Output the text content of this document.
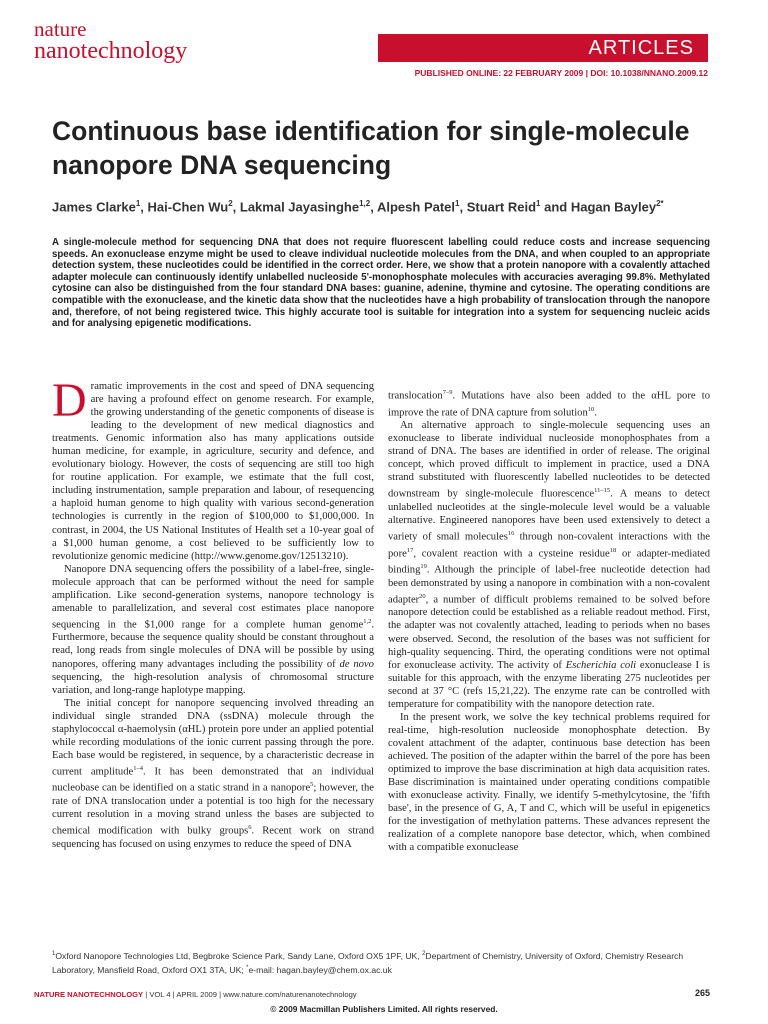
nature
nanotechnology	ARTICLES
PUBLISHED ONLINE: 22 FEBRUARY 2009 | DOI: 10.1038/NNANO.2009.12
Continuous base identification for single-molecule nanopore DNA sequencing
James Clarke$^1$, Hai-Chen Wu$^2$, Lakmal Jayasinghe$^{1,2}$, Alpesh Patel$^1$, Stuart Reid$^1$ and Hagan Bayley$^{2*}$
A single-molecule method for sequencing DNA that does not require fluorescent labelling could reduce costs and increase sequencing speeds. An exonuclease enzyme might be used to cleave individual nucleotide molecules from the DNA, and when coupled to an appropriate detection system, these nucleotides could be identified in the correct order. Here, we show that a protein nanopore with a covalently attached adapter molecule can continuously identify unlabelled nucleoside 5'-monophosphate molecules with accuracies averaging 99.8%. Methylated cytosine can also be distinguished from the four standard DNA bases: guanine, adenine, thymine and cytosine. The operating conditions are compatible with the exonuclease, and the kinetic data show that the nucleotides have a high probability of translocation through the nanopore and, therefore, of not being registered twice. This highly accurate tool is suitable for integration into a system for sequencing nucleic acids and for analysing epigenetic modifications.

Dramatic improvements in the cost and speed of DNA sequencing are having a profound effect on genome research. For example, the growing understanding of the genetic components of disease is leading to the development of new medical diagnostics and treatments. Genomic information also has many applications outside human medicine, for example, in agriculture, security and defence, and evolutionary biology. However, the costs of sequencing are still too high for routine application. For example, we estimate that the full cost, including instrumentation, sample preparation and labour, of resequencing a haploid human genome to high quality with various second-generation technologies is currently in the region of $100,000 to $1,000,000. In contrast, in 2004, the US National Institutes of Health set a 10-year goal of a $1,000 human genome, a cost believed to be sufficiently low to revolutionize genomic medicine (http://www.genome.gov/12513210).

Nanopore DNA sequencing offers the possibility of a label-free, single-molecule approach that can be performed without the need for sample amplification. Like second-generation systems, nanopore technology is amenable to parallelization, and several cost estimates place nanopore sequencing in the $1,000 range for a complete human genome$^{1,2}$. Furthermore, because the sequence quality should be constant throughout a read, long reads from single molecules of DNA will be possible by using nanopores, offering many advantages including the possibility of de novo sequencing, the high-resolution analysis of chromosomal structure variation, and long-range haplotype mapping.

The initial concept for nanopore sequencing involved threading an individual single stranded DNA (ssDNA) molecule through the staphylococcal α-haemolysin (αHL) protein pore under an applied potential while recording modulations of the ionic current passing through the pore. Each base would be registered, in sequence, by a characteristic decrease in current amplitude$^{1-4}$. It has been demonstrated that an individual nucleobase can be identified on a static strand in a nanopore$^5$; however, the rate of DNA translocation under a potential is too high for the necessary current resolution in a moving strand unless the bases are subjected to chemical modification with bulky groups$^6$. Recent work on strand sequencing has focused on using enzymes to reduce the speed of DNA

translocation$^{7-9}$. Mutations have also been added to the αHL pore to improve the rate of DNA capture from solution$^{10}$.

An alternative approach to single-molecule sequencing uses an exonuclease to liberate individual nucleoside monophosphates from a strand of DNA. The bases are identified in order of release. The original concept, which proved difficult to implement in practice, used a DNA strand substituted with fluorescently labelled nucleotides to be detected downstream by single-molecule fluorescence$^{11-15}$. A means to detect unlabelled nucleotides at the single-molecule level would be a valuable alternative. Engineered nanopores have been used extensively to detect a variety of small molecules$^{16}$ through non-covalent interactions with the pore$^{17}$, covalent reaction with a cysteine residue$^{18}$ or adapter-mediated binding$^{19}$. Although the principle of label-free nucleotide detection had been demonstrated by using a nanopore in combination with a non-covalent adapter$^{20}$, a number of difficult problems remained to be solved before nanopore detection could be established as a reliable readout method. First, the adapter was not covalently attached, leading to periods when no bases were observed. Second, the resolution of the bases was not sufficient for high-quality sequencing. Third, the operating conditions were not optimal for exonuclease activity. The activity of Escherichia coli exonuclease I is suitable for this approach, with the enzyme liberating 275 nucleotides per second at 37 °C (refs 15,21,22). The enzyme rate can be controlled with temperature for compatibility with the nanopore detection rate.

In the present work, we solve the key technical problems required for real-time, high-resolution nucleoside monophosphate detection. By covalent attachment of the adapter, continuous base detection has been achieved. The position of the adapter within the barrel of the pore has been optimized to improve the base discrimination at high data acquisition rates. Base discrimination is maintained under operating conditions compatible with exonuclease activity. Finally, we identify 5-methylcytosine, the 'fifth base', in the presence of G, A, T and C, which will be useful in epigenetics for the investigation of methylation patterns. These advances represent the realization of a complete nanopore base detector, which, when combined with a compatible exonuclease

$^1$Oxford Nanopore Technologies Ltd, Begbroke Science Park, Sandy Lane, Oxford OX5 1PF, UK, $^2$Department of Chemistry, University of Oxford, Chemistry Research Laboratory, Mansfield Road, Oxford OX1 3TA, UK; *e-mail: hagan.bayley@chem.ox.ac.uk
NATURE NANOTECHNOLOGY | VOL 4 | APRIL 2009 | www.nature.com/naturenanotechnology	265
© 2009 Macmillan Publishers Limited. All rights reserved.
